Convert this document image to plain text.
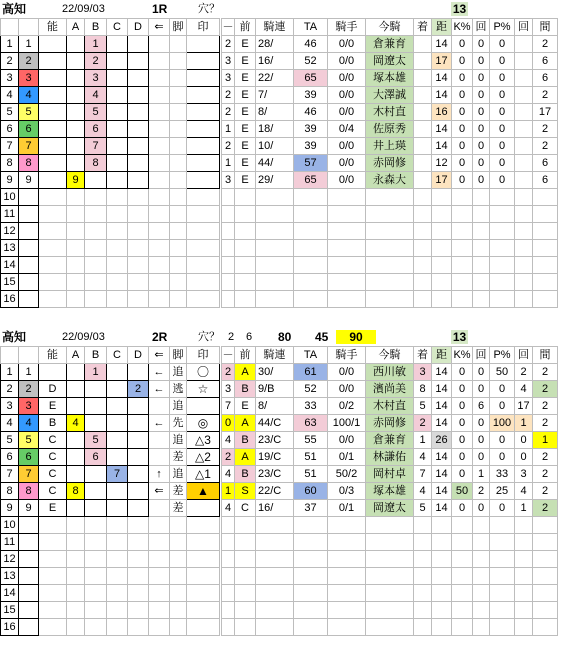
高知	22/09/03	1R	穴？	13
		能	A	B	C	D	⇐	脚	印		－	前	騎連	TA	騎手	今騎	着	距	K%	回	P%	回	間
1	1			1							2	E	28/	46	0/0	倉兼育		14	0	0	0		2
2	2			2							3	E	16/	52	0/0	岡遼太		17	0	0	0		6
3	3			3							3	E	22/	65	0/0	塚本雄		14	0	0	0		6
4	4			4							2	E	7/	39	0/0	大澤誠		14	0	0	0		2
5	5			5							2	E	8/	46	0/0	木村直		16	0	0	0		17
6	6			6							1	E	18/	39	0/4	佐原秀		14	0	0	0		2
7	7			7							2	E	10/	39	0/0	井上瑛		14	0	0	0		2
8	8			8							1	E	44/	57	0/0	赤岡修		12	0	0	0		6
9	9		9								3	E	29/	65	0/0	永森大		17	0	0	0		6
10																							
11																							
12																							
13																							
14																							
15																							
16																							
高知	22/09/03	2R	穴？ 2 6 80 45	90	13
		能	A	B	C	D	⇐	脚	印		－	前	騎連	TA	騎手	今騎	着	距	K%	回	P%	回	間
1	1			1			←	追	〇		2	A	30/	61	0/0	西川敏	3	14	0	0	50	2	2
2	2	D				2	←	逃	☆		3	B	9/B	52	0/0	濱尚美	8	14	0	0	0	4	2
3	3	E						追			7	E	8/	33	0/2	木村直	5	14	0	6	0	17	2
4	4	B	4				←	先	◎		0	A	44/C	63	100/1	赤岡修	2	14	0	0	100	1	2
5	5	C		5				追	△3		4	B	23/C	55	0/0	倉兼育	1	26	0	0	0	0	1
6	6	C		6				差	△2		2	A	19/C	51	0/1	林謙佑	4	14	0	0	0	0	2
7	7	C			7		↑	追	△1		4	B	23/C	51	50/2	岡村卓	7	14	0	1	33	3	2
8	8	C	8				⇐	差	▲		1	S	22/C	60	0/3	塚本雄	4	14	50	2	25	4	2
9	9	E						差			4	C	16/	37	0/1	岡遼太	5	14	0	0	0	1	2
10																							
11																							
12																							
13																							
14																							
15																							
16																							
